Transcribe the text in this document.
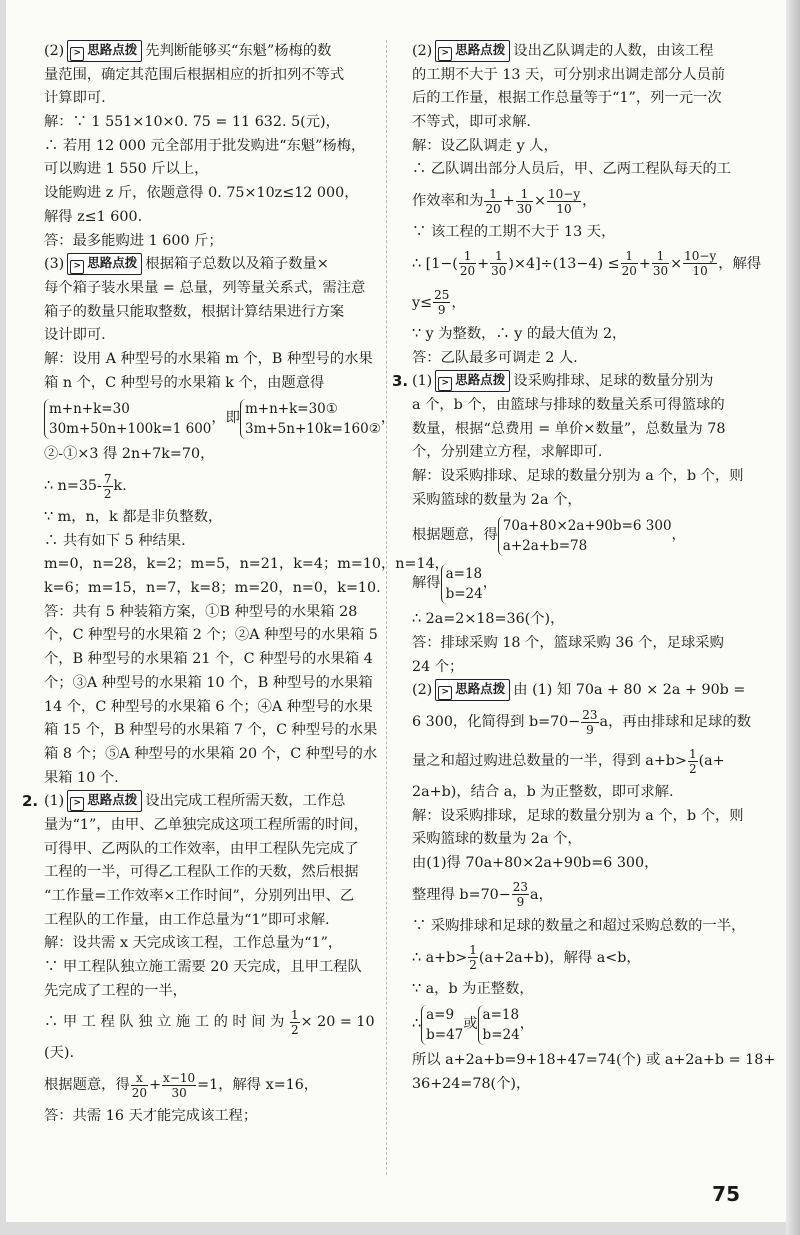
(2) > 思路点拨 先判断能够买“东魁”杨梅的数
量范围，确定其范围后根据相应的折扣列不等式
计算即可.
解：∵ 1 551×10×0. 75 = 11 632. 5(元)，
∴ 若用 12 000 元全部用于批发购进“东魁”杨梅，
可以购进 1 550 斤以上，
设能购进 z 斤，依题意得 0. 75×10z≤12 000，
解得 z≤1 600.
答：最多能购进 1 600 斤；
(3) > 思路点拨 根据箱子总数以及箱子数量×
每个箱子装水果量 = 总量，列等量关系式，需注意
箱子的数量只能取整数，根据计算结果进行方案
设计即可.
解：设用 A 种型号的水果箱 m 个，B 种型号的水果
箱 n 个，C 种型号的水果箱 k 个，由题意得
m+n+k=30
30m+50n+100k=1 600
，即
m+n+k=30①
3m+5n+10k=160②
，
②-①×3 得 2n+7k=70，
∴ $n=35- \frac{7}{2} k$.
∵ m，n，k 都是非负整数，
∴ 共有如下 5 种结果.
m=0，n=28，k=2；m=5，n=21，k=4；m=10，n=14，
k=6；m=15，n=7，k=8；m=20，n=0，k=10.
答：共有 5 种装箱方案，①B 种型号的水果箱 28
个，C 种型号的水果箱 2 个；②A 种型号的水果箱 5
个，B 种型号的水果箱 21 个，C 种型号的水果箱 4
个；③A 种型号的水果箱 10 个，B 种型号的水果箱
14 个，C 种型号的水果箱 6 个；④A 种型号的水果
箱 15 个，B 种型号的水果箱 7 个，C 种型号的水果
箱 8 个；⑤A 种型号的水果箱 20 个，C 种型号的水
果箱 10 个.
2. (1) > 思路点拨 设出完成工程所需天数，工作总
量为“1”，由甲、乙单独完成这项工程所需的时间，
可得甲、乙两队的工作效率，由甲工程队先完成了
工程的一半，可得乙工程队工作的天数，然后根据
“工作量=工作效率×工作时间”，分别列出甲、乙
工程队的工作量，由工作总量为“1”即可求解.
解：设共需 x 天完成该工程，工作总量为“1”，
∵ 甲工程队独立施工需要 20 天完成，且甲工程队
先完成了工程的一半，
∴ 甲 工 程 队 独 立 施 工 的 时 间 为 $\frac{1}{2} \times 20 = 10$
(天).
根据题意，得 $\frac{x}{20} + \frac{x-10}{30} =1$，解得 x=16，
答：共需 16 天才能完成该工程；
(2) > 思路点拨 设出乙队调走的人数，由该工程
的工期不大于 13 天，可分别求出调走部分人员前
后的工作量，根据工作总量等于“1”，列一元一次
不等式，即可求解.
解：设乙队调走 y 人，
∴ 乙队调出部分人员后，甲、乙两工程队每天的工
作效率和为 $\frac{1}{20} + \frac{1}{30} \times \frac{10-y}{10}$ ，
∵ 该工程的工期不大于 13 天，
∴ $[1-( \frac{1}{20} + \frac{1}{30} )\times 4]\div(13-4) \le \frac{1}{20} + \frac{1}{30} \times \frac{10-y}{10}$ ，解得
$y\le \frac{25}{9}$ ，
∵ y 为整数，∴ y 的最大值为 2，
答：乙队最多可调走 2 人.
3. (1) > 思路点拨 设采购排球、足球的数量分别为
a 个，b 个，由篮球与排球的数量关系可得篮球的
数量，根据“总费用 = 单价×数量”，总数量为 78
个，分别建立方程，求解即可.
解：设采购排球、足球的数量分别为 a 个，b 个，则
采购篮球的数量为 2a 个，
根据题意，得
70a+80×2a+90b=6 300
a+2a+b=78
，
解得
a=18
b=24
，
∴ 2a=2×18=36(个)，
答：排球采购 18 个，篮球采购 36 个，足球采购
24 个；
(2) > 思路点拨 由 (1) 知 70a + 80 × 2a + 90b =
6 300，化简得到 $b=70- \frac{23}{9}$ a，再由排球和足球的数
量之和超过购进总数量的一半，得到 $a+b> \frac{1}{2} (a+$
2a+b)，结合 a，b 为正整数，即可求解.
解：设采购排球，足球的数量分别为 a 个，b 个，则
采购篮球的数量为 2a 个，
由(1)得 70a+80×2a+90b=6 300，
整理得 $b=70- \frac{23}{9}$ a，
∵ 采购排球和足球的数量之和超过采购总数的一半，
∴ $a+b> \frac{1}{2} (a+2a+b)$，解得 a<b，
∵ a，b 为正整数，
∴
a=9
b=47
或
a=18
b=24
，
所以 a+2a+b=9+18+47=74(个) 或 a+2a+b = 18+
36+24=78(个)，
75
